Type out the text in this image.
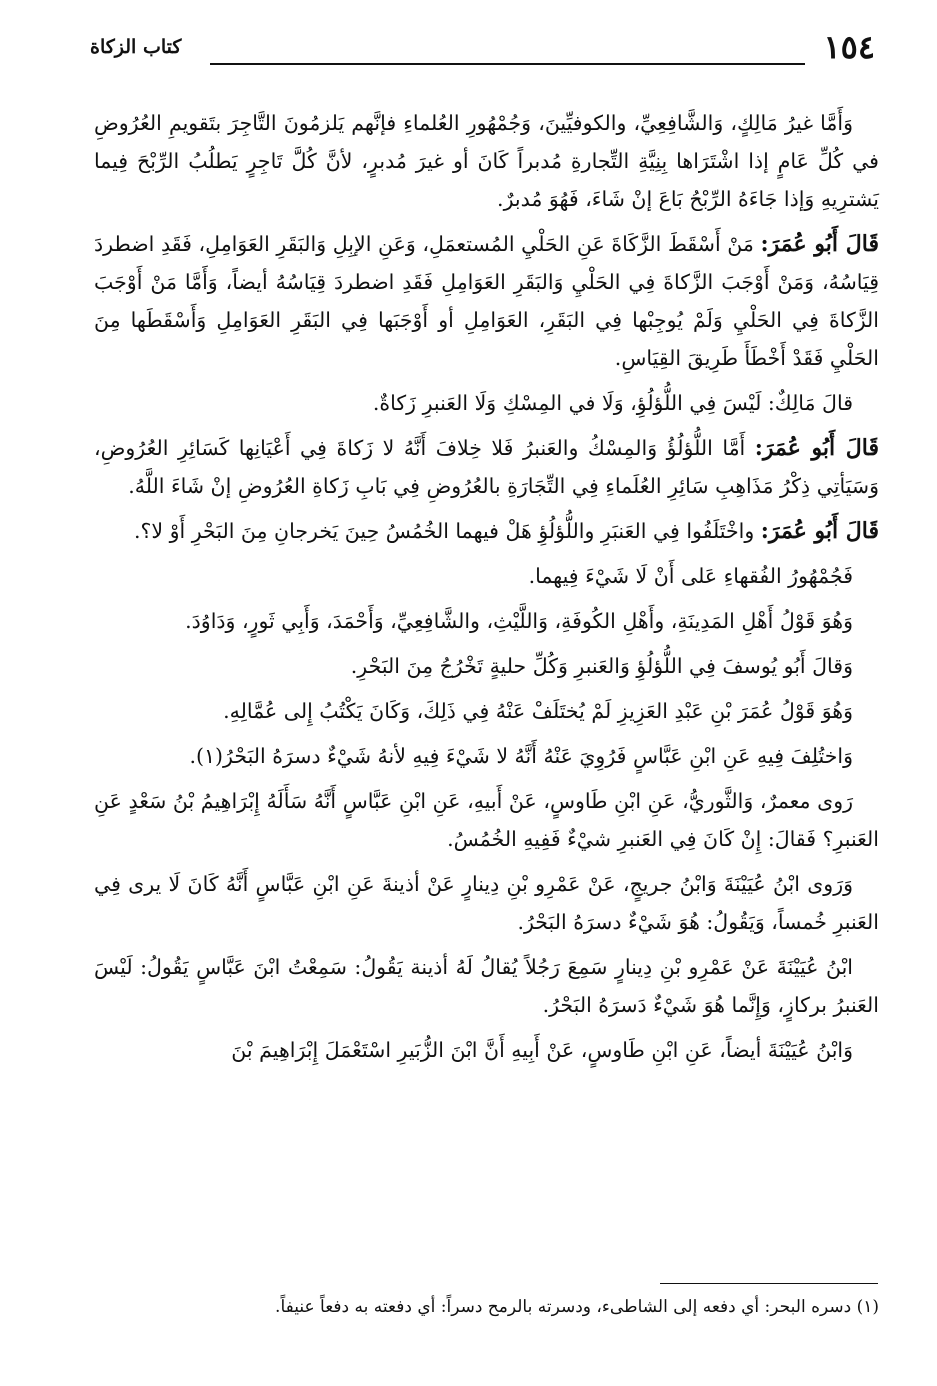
١٥٤
كتاب الزكاة

وَأَمَّا غيرُ مَالِكٍ، وَالشَّافِعِيِّ، والكوفيِّينَ، وَجُمْهُورِ العُلماءِ فإنَّهم يَلزمُونَ التَّاجِرَ بتَقويمِ العُرُوضِ في كُلِّ عَامٍ إذا اشْتَرَاها بِنِيَّةِ التِّجارةِ مُدبراً كَانَ أو غيرَ مُدبرٍ، لأنَّ كُلَّ تَاجِرٍ يَطلُبُ الرِّبْحَ فِيما يَشترِيهِ وَإذا جَاءَهُ الرِّبْحُ بَاعَ إنْ شَاءَ، فَهُوَ مُدبرٌ.

قَالَ أَبُو عُمَرَ: مَنْ أَسْقَطَ الزَّكَاةَ عَنِ الحَلْيِ المُستعمَلِ، وَعَنِ الإبِلِ وَالبَقَرِ العَوَامِلِ، فَقَدِ اضطردَ قِيَاسُهُ، وَمَنْ أَوْجَبَ الزَّكاةَ فِي الحَلْيِ وَالبَقَرِ العَوَامِلِ فَقَدِ اضطردَ قِيَاسُهُ أيضاً، وَأَمَّا مَنْ أَوْجَبَ الزَّكاةَ فِي الحَلْيِ وَلَمْ يُوجِبْها فِي البَقَرِ، العَوَامِلِ أو أَوْجَبَها فِي البَقَرِ العَوَامِلِ وَأَسْقَطَها مِنَ الحَلْيِ فَقَدْ أَخْطَأَ طَرِيقَ القِيَاسِ.

قالَ مَالِكٌ: لَيْسَ فِي اللُّؤلُؤِ، وَلَا في المِسْكِ وَلَا العَنبرِ زَكاةٌ.

قَالَ أَبُو عُمَرَ: أَمَّا اللُّؤلُؤُ وَالمِسْكُ والعَنبرُ فَلا خِلافَ أَنَّهُ لا زَكاةَ فِي أَعْيَانِها كَسَائِرِ العُرُوضِ، وَسَيَأتِي ذِكْرُ مَذَاهِبِ سَائِرِ العُلَماءِ فِي التِّجَارَةِ بالعُرُوضِ فِي بَابِ زَكاةِ العُرُوضِ إنْ شَاءَ اللَّهُ.

قَالَ أَبُو عُمَرَ: واخْتَلَفُوا فِي العَنبَرِ واللُّؤلُؤِ هَلْ فيهما الخُمُسُ حِينَ يَخرجانِ مِنَ البَحْرِ أَوْ لا؟.

فَجُمْهُورُ الفُقهاءِ عَلى أَنْ لَا شَيْءَ فِيهما.

وَهُوَ قَوْلُ أَهْلِ المَدِينَةِ، وأَهْلِ الكُوفَةِ، وَاللَّيْثِ، والشَّافِعِيِّ، وَأَحْمَدَ، وَأَبِي ثَورٍ، وَدَاوُدَ.

وَقالَ أَبُو يُوسفَ فِي اللُّؤلُؤِ وَالعَنبرِ وَكُلِّ حليةٍ تَخْرُجُ مِنَ البَحْرِ.

وَهُوَ قَوْلُ عُمَرَ بْنِ عَبْدِ العَزِيزِ لَمْ يُختَلَفْ عَنْهُ فِي ذَلِكَ، وَكَانَ يَكْتُبُ إِلى عُمَّالِهِ.

وَاختُلِفَ فِيهِ عَنِ ابْنِ عَبَّاسٍ فَرُوِيَ عَنْهُ أَنَّهُ لا شَيْءَ فِيهِ لأنهُ شَيْءٌ دسرَهُ البَحْرُ(١).

رَوى معمرٌ، وَالثَّوريُّ، عَنِ ابْنِ طَاوسٍ، عَنْ أَبيهِ، عَنِ ابْنِ عَبَّاسٍ أَنَّهُ سَأَلَهُ إِبْرَاهِيمُ بْنُ سَعْدٍ عَنِ العَنبرِ؟ فَقالَ: إِنْ كَانَ فِي العَنبرِ شيْءٌ فَفِيهِ الخُمُسُ.

وَرَوى ابْنُ عُيَيْنَةَ وَابْنُ جريجٍ، عَنْ عَمْرِو بْنِ دِينارٍ عَنْ أذينةَ عَنِ ابْنِ عَبَّاسٍ أَنَّهُ كَانَ لَا يرى فِي العَنبرِ خُمساً، وَيَقُولُ: هُوَ شَيْءٌ دسرَهُ البَحْرُ.

ابْنُ عُيَيْنَةَ عَنْ عَمْرِو بْنِ دِينارٍ سَمِعَ رَجُلاً يُقالُ لَهُ أذينة يَقُولُ: سَمِعْتُ ابْنَ عَبَّاسٍ يَقُولُ: لَيْسَ العَنبرُ بركازٍ، وَإِنَّما هُوَ شَيْءٌ دَسرَهُ البَحْرُ.

وَابْنُ عُيَيْنَةَ أيضاً، عَنِ ابْنِ طَاوسٍ، عَنْ أَبِيهِ أَنَّ ابْنَ الزُّبَيرِ اسْتَعْمَلَ إِبْرَاهِيمَ بْنَ

(١) دسره البحر: أي دفعه إلى الشاطىء، ودسرته بالرمح دسراً: أي دفعته به دفعاً عنيفاً.
